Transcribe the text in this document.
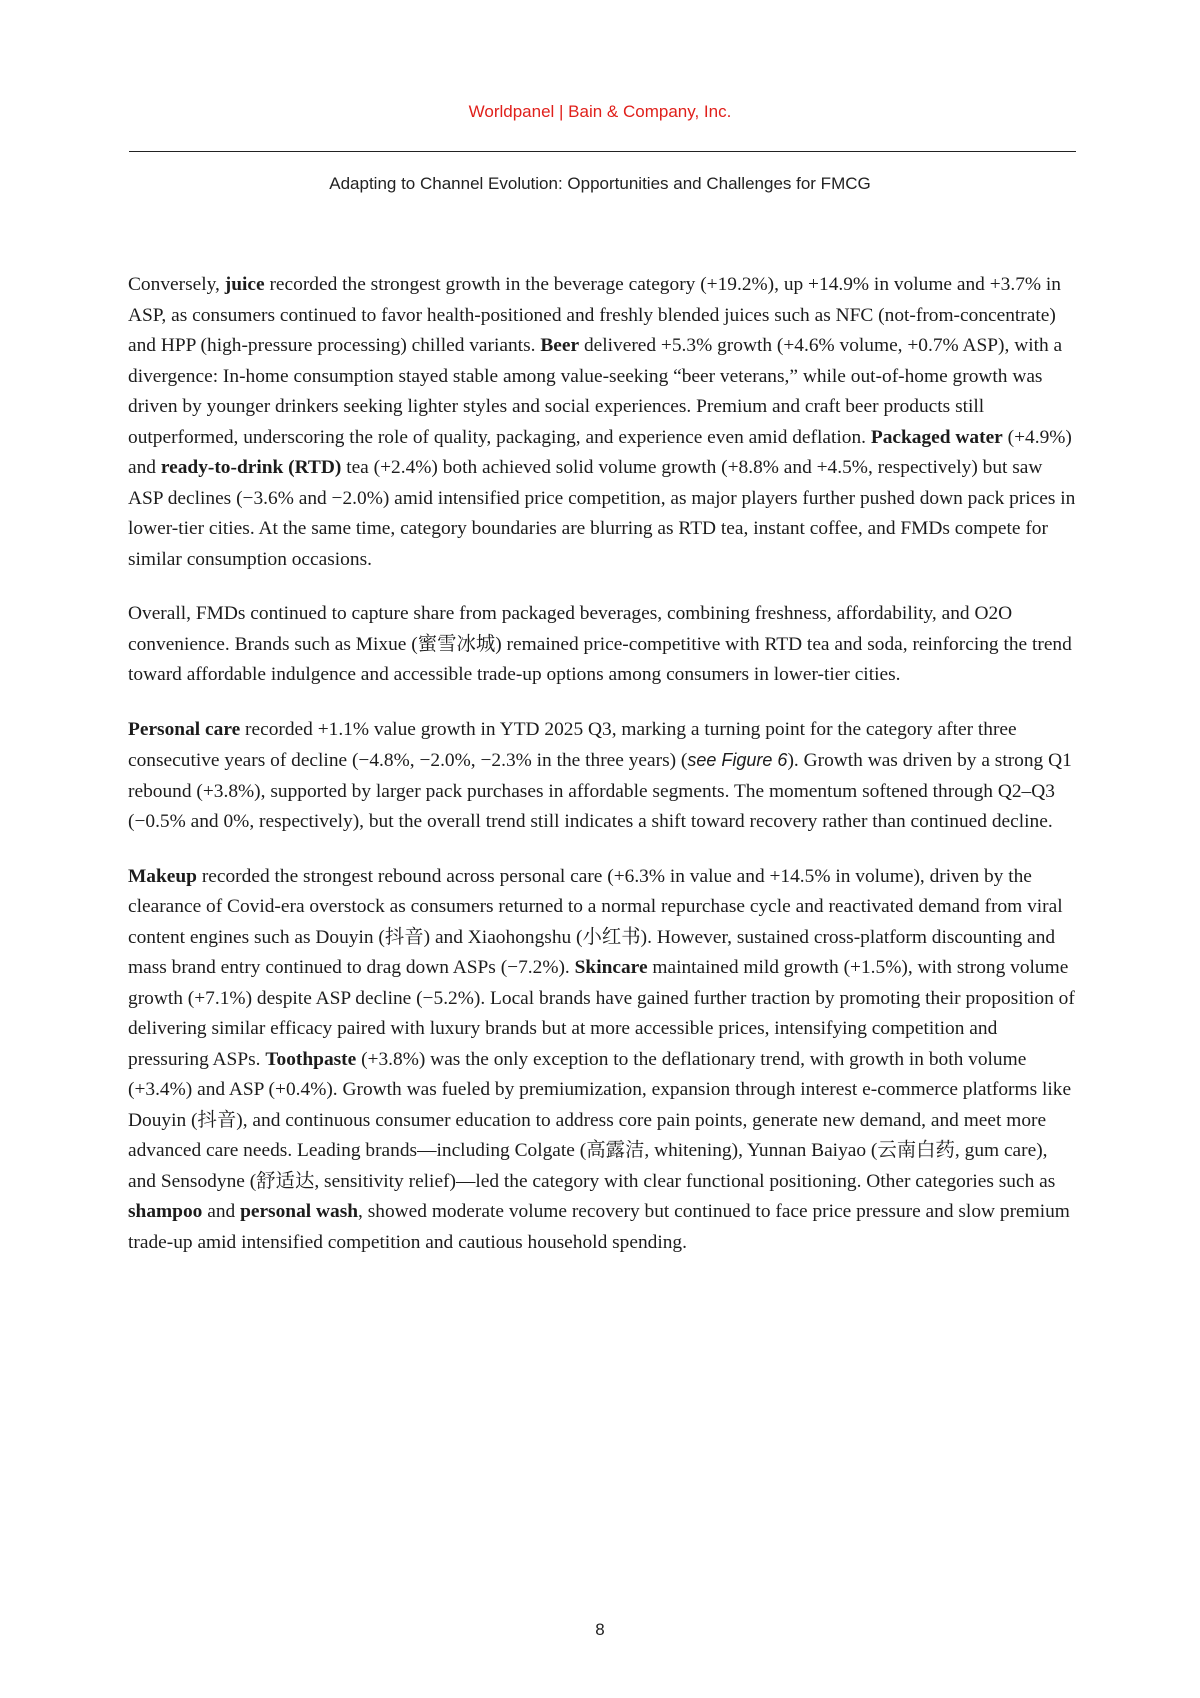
Worldpanel | Bain & Company, Inc.
Adapting to Channel Evolution: Opportunities and Challenges for FMCG

Conversely, juice recorded the strongest growth in the beverage category (+19.2%), up +14.9% in volume and +3.7% in ASP, as consumers continued to favor health-positioned and freshly blended juices such as NFC (not-from-concentrate) and HPP (high-pressure processing) chilled variants. Beer delivered +5.3% growth (+4.6% volume, +0.7% ASP), with a divergence: In-home consumption stayed stable among value-seeking “beer veterans,” while out-of-home growth was driven by younger drinkers seeking lighter styles and social experiences. Premium and craft beer products still outperformed, underscoring the role of quality, packaging, and experience even amid deflation. Packaged water (+4.9%) and ready-to-drink (RTD) tea (+2.4%) both achieved solid volume growth (+8.8% and +4.5%, respectively) but saw ASP declines (−3.6% and −2.0%) amid intensified price competition, as major players further pushed down pack prices in lower-tier cities. At the same time, category boundaries are blurring as RTD tea, instant coffee, and FMDs compete for similar consumption occasions.

Overall, FMDs continued to capture share from packaged beverages, combining freshness, affordability, and O2O convenience. Brands such as Mixue (蜜雪冰城) remained price-competitive with RTD tea and soda, reinforcing the trend toward affordable indulgence and accessible trade-up options among consumers in lower-tier cities.

Personal care recorded +1.1% value growth in YTD 2025 Q3, marking a turning point for the category after three consecutive years of decline (−4.8%, −2.0%, −2.3% in the three years) (see Figure 6). Growth was driven by a strong Q1 rebound (+3.8%), supported by larger pack purchases in affordable segments. The momentum softened through Q2–Q3 (−0.5% and 0%, respectively), but the overall trend still indicates a shift toward recovery rather than continued decline.

Makeup recorded the strongest rebound across personal care (+6.3% in value and +14.5% in volume), driven by the clearance of Covid-era overstock as consumers returned to a normal repurchase cycle and reactivated demand from viral content engines such as Douyin (抖音) and Xiaohongshu (小红书). However, sustained cross-platform discounting and mass brand entry continued to drag down ASPs (−7.2%). Skincare maintained mild growth (+1.5%), with strong volume growth (+7.1%) despite ASP decline (−5.2%). Local brands have gained further traction by promoting their proposition of delivering similar efficacy paired with luxury brands but at more accessible prices, intensifying competition and pressuring ASPs. Toothpaste (+3.8%) was the only exception to the deflationary trend, with growth in both volume (+3.4%) and ASP (+0.4%). Growth was fueled by premiumization, expansion through interest e-commerce platforms like Douyin (抖音), and continuous consumer education to address core pain points, generate new demand, and meet more advanced care needs. Leading brands—including Colgate (高露洁, whitening), Yunnan Baiyao (云南白药, gum care), and Sensodyne (舒适达, sensitivity relief)—led the category with clear functional positioning. Other categories such as shampoo and personal wash, showed moderate volume recovery but continued to face price pressure and slow premium trade-up amid intensified competition and cautious household spending.

8
